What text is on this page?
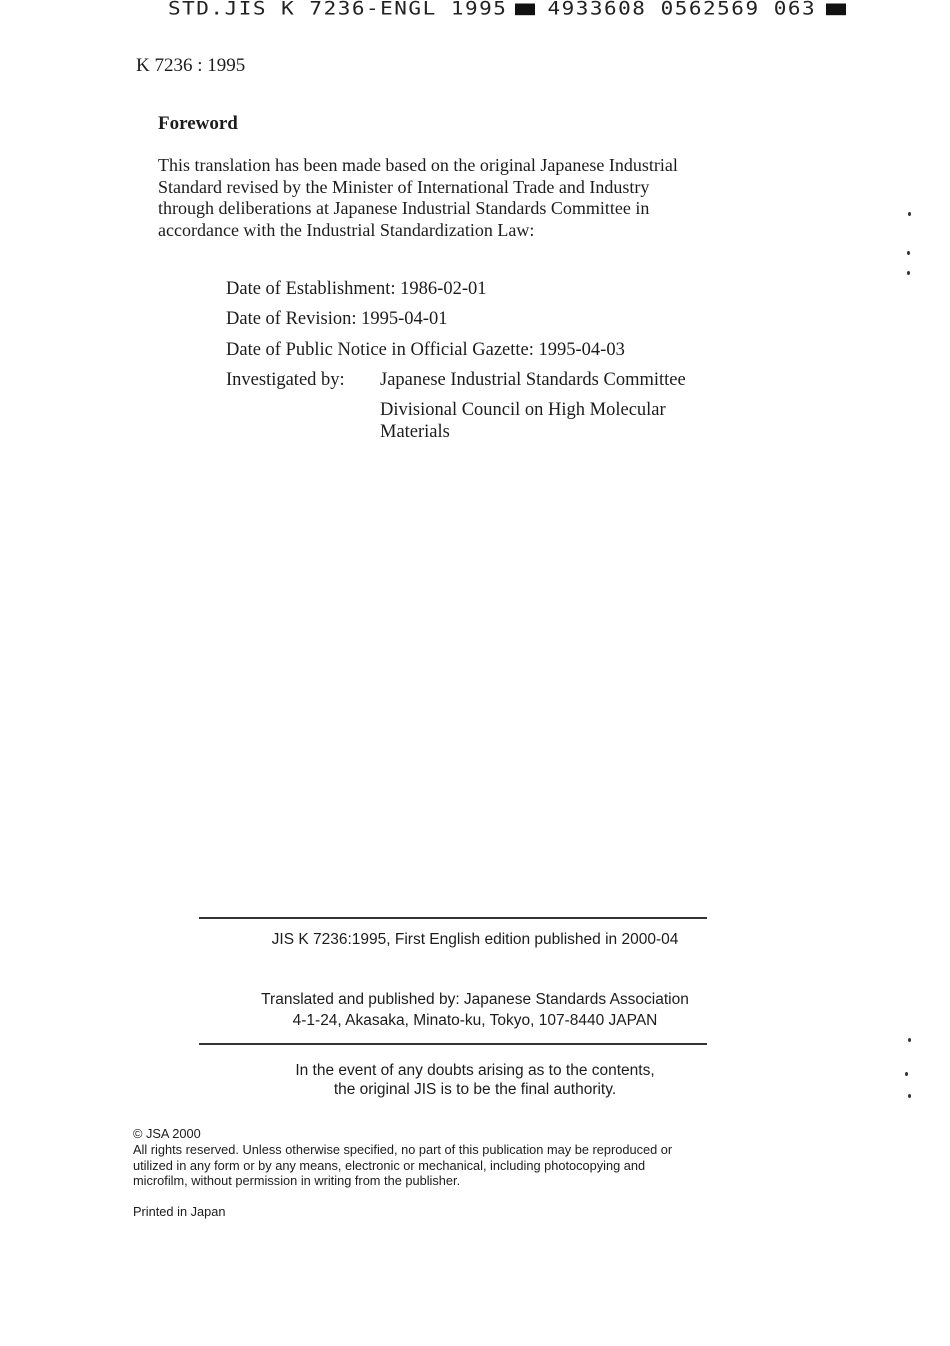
STD.JIS K 7236-ENGL 1995 4933608 0562569 063
K 7236 : 1995
Foreword
This translation has been made based on the original Japanese Industrial
Standard revised by the Minister of International Trade and Industry
through deliberations at Japanese Industrial Standards Committee in
accordance with the Industrial Standardization Law:
Date of Establishment: 1986-02-01
Date of Revision: 1995-04-01
Date of Public Notice in Official Gazette: 1995-04-03
Investigated by: Japanese Industrial Standards Committee
Divisional Council on High Molecular
Materials
JIS K 7236:1995, First English edition published in 2000-04
Translated and published by: Japanese Standards Association
4-1-24, Akasaka, Minato-ku, Tokyo, 107-8440 JAPAN
In the event of any doubts arising as to the contents,
the original JIS is to be the final authority.
© JSA 2000
All rights reserved. Unless otherwise specified, no part of this publication may be reproduced or
utilized in any form or by any means, electronic or mechanical, including photocopying and
microfilm, without permission in writing from the publisher.
Printed in Japan
